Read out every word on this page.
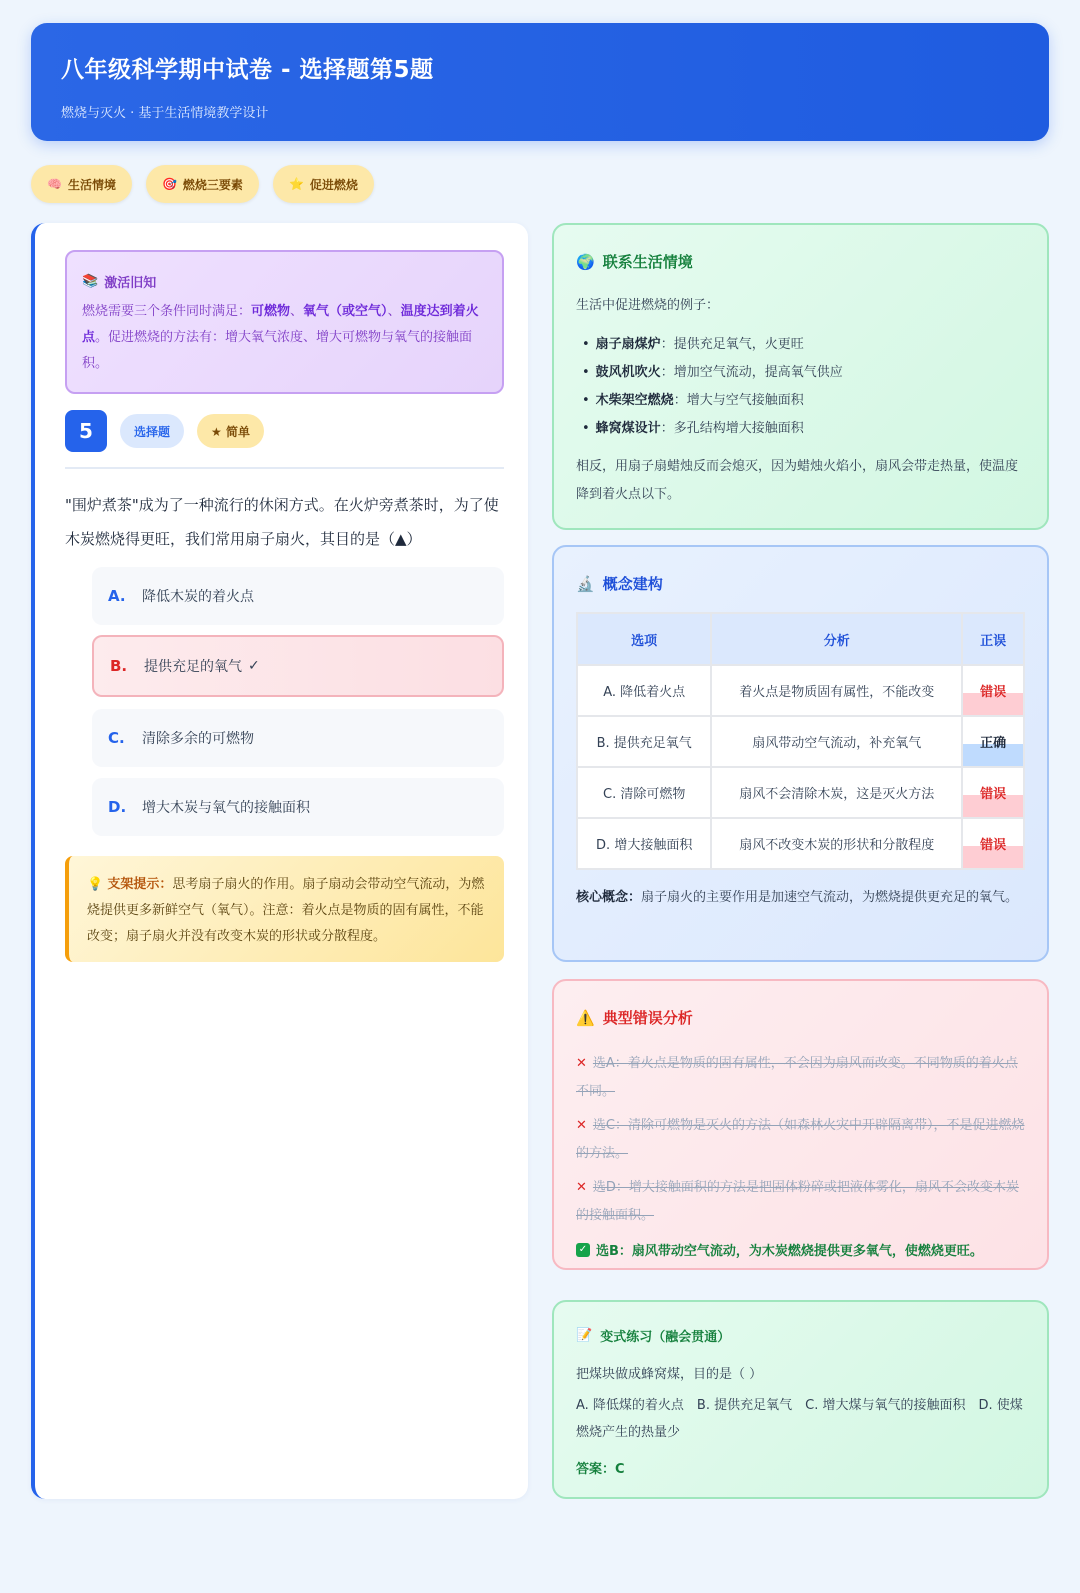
八年级科学期中试卷 - 选择题第5题
燃烧与灭火 · 基于生活情境教学设计
🧠 生活情境	🎯 燃烧三要素	⭐ 促进燃烧
📚 激活旧知
燃烧需要三个条件同时满足：可燃物、氧气（或空气）、温度达到着火点。促进燃烧的方法有：增大氧气浓度、增大可燃物与氧气的接触面积。
5	选择题	★ 简单
"围炉煮茶"成为了一种流行的休闲方式。在火炉旁煮茶时，为了使木炭燃烧得更旺，我们常用扇子扇火，其目的是（▲）
A.	降低木炭的着火点
B.	提供充足的氧气 ✓
C.	清除多余的可燃物
D.	增大木炭与氧气的接触面积
💡 支架提示：思考扇子扇火的作用。扇子扇动会带动空气流动，为燃烧提供更多新鲜空气（氧气）。注意：着火点是物质的固有属性，不能改变；扇子扇火并没有改变木炭的形状或分散程度。
🌍 联系生活情境
生活中促进燃烧的例子：
• 扇子扇煤炉：提供充足氧气，火更旺
• 鼓风机吹火：增加空气流动，提高氧气供应
• 木柴架空燃烧：增大与空气接触面积
• 蜂窝煤设计：多孔结构增大接触面积
相反，用扇子扇蜡烛反而会熄灭，因为蜡烛火焰小，扇风会带走热量，使温度降到着火点以下。
🔬 概念建构
选项	分析	正误
A. 降低着火点	着火点是物质固有属性，不能改变	错误
B. 提供充足氧气	扇风带动空气流动，补充氧气	正确
C. 清除可燃物	扇风不会清除木炭，这是灭火方法	错误
D. 增大接触面积	扇风不改变木炭的形状和分散程度	错误
核心概念：扇子扇火的主要作用是加速空气流动，为燃烧提供更充足的氧气。
⚠️ 典型错误分析
✕ 选A：着火点是物质的固有属性，不会因为扇风而改变。不同物质的着火点不同。
✕ 选C：清除可燃物是灭火的方法（如森林火灾中开辟隔离带），不是促进燃烧的方法。
✕ 选D：增大接触面积的方法是把固体粉碎或把液体雾化，扇风不会改变木炭的接触面积。
✓ 选B：扇风带动空气流动，为木炭燃烧提供更多氧气，使燃烧更旺。
📝 变式练习（融会贯通）
把煤块做成蜂窝煤，目的是（ ）
A. 降低煤的着火点　B. 提供充足氧气　C. 增大煤与氧气的接触面积　D. 使煤燃烧产生的热量少
答案：C
